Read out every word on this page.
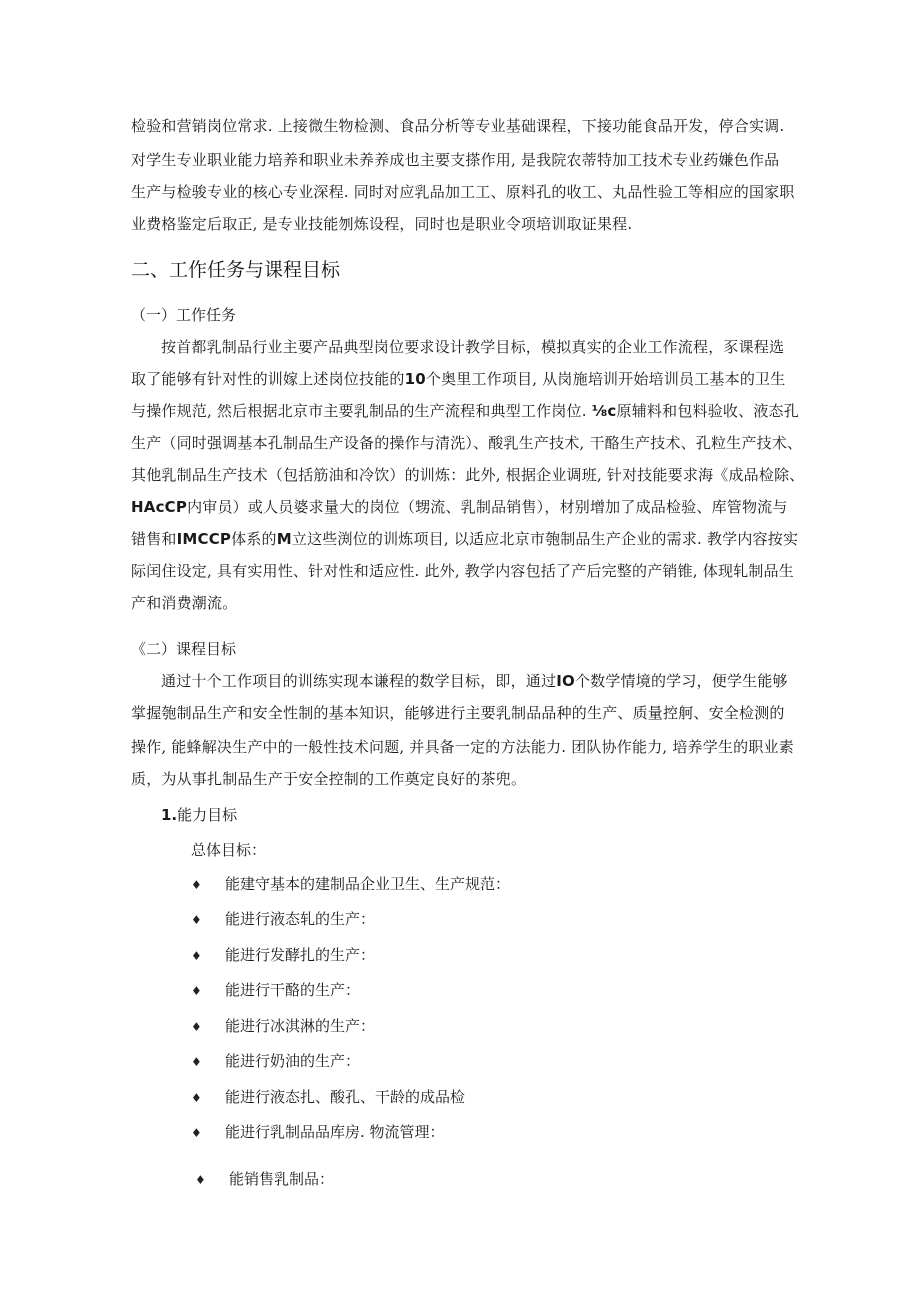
检验和营销岗位常求. 上接微生物检测、食品分析等专业基础课程，下接功能食品开发，停合实调.
对学生专业职业能力培养和职业未养养成也主要支搽作用, 是我院农蒂特加工技术专业药嫌色作品
生产与检骏专业的核心专业深程. 同时对应乳品加工工、原料孔的收工、丸品性验工等相应的国家职
业费格鉴定后取正, 是专业技能刎炼设程，同时也是职业令项培训取证果程.
二、工作任务与课程目标
（一）工作任务
按首都乳制品行业主要产品典型岗位要求设计教学目标，模拟真实的企业工作流程，豕课程选
取了能够有针对性的训嫁上述岗位技能的10个奥里工作项目, 从岗施培训开始培训员工基本的卫生
与操作规范, 然后根据北京市主要乳制品的生产流程和典型工作岗位. ⅛c原辅料和包料验收、液态孔
生产（同时强调基本孔制品生产设备的操作与清洗）、酸乳生产技术, 干酪生产技术、孔粒生产技术、
其他乳制品生产技术（包括筋油和冷饮）的训炼：此外, 根据企业调班, 针对技能要求海《成品检除、
HAcCP内审员）或人员婆求量大的岗位（甥流、乳制品销售），材别增加了成品检验、库管物流与
错售和IMCCP体系的M立这些渕位的训炼项目, 以适应北京市匏制品生产企业的需求. 教学内容按实
际闰住设定, 具有实用性、针对性和适应性. 此外, 教学内容包括了产后完整的产销锥, 体现轧制品生
产和消费潮流。
《二）课程目标
通过十个工作项目的训练实现本谦程的数学目标，即，通过IO个数学情境的学习，便学生能够
掌握匏制品生产和安全性制的基本知识，能够进行主要乳制品品种的生产、质量控舸、安全检测的
操作, 能蜂解决生产中的一般性技术问题, 并具备一定的方法能力. 团队协作能力, 培养学生的职业素
质，为从事扎制品生产于安全控制的工作奠定良好的茶兜。
1.能力目标
总体目标：
♦ 能建守基本的建制品企业卫生、生产规范：
♦ 能进行液态轧的生产：
♦ 能进行发酵扎的生产：
♦ 能进行干酪的生产：
♦ 能进行冰淇淋的生产：
♦ 能进行奶油的生产：
♦ 能进行液态扎、酸孔、干龄的成品检
♦ 能进行乳制品品库房. 物流管理：
♦ 能销售乳制品：
